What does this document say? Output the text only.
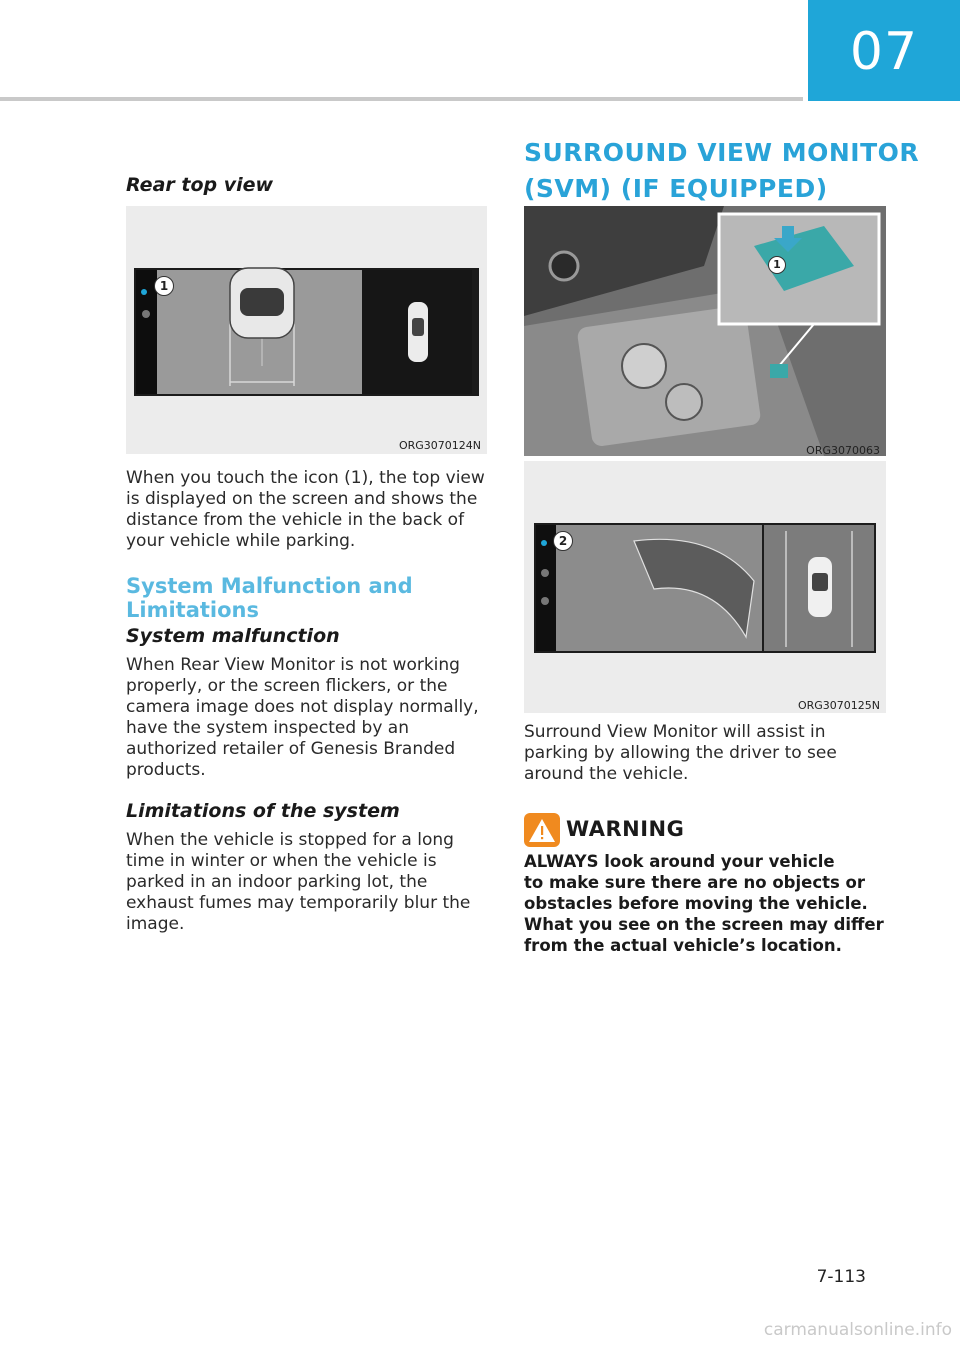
07
Rear top view
1
ORG3070124N
When you touch the icon (1), the top view
is displayed on the screen and shows the
distance from the vehicle in the back of
your vehicle while parking.
System Malfunction and
Limitations
System malfunction
When Rear View Monitor is not working
properly, or the screen flickers, or the
camera image does not display normally,
have the system inspected by an
authorized retailer of Genesis Branded
products.
Limitations of the system
When the vehicle is stopped for a long
time in winter or when the vehicle is
parked in an indoor parking lot, the
exhaust fumes may temporarily blur the
image.
SURROUND VIEW MONITOR
(SVM) (IF EQUIPPED)
1
ORG3070063
2
ORG3070125N
Surround View Monitor will assist in
parking by allowing the driver to see
around the vehicle.
WARNING
ALWAYS look around your vehicle
to make sure there are no objects or
obstacles before moving the vehicle.
What you see on the screen may differ
from the actual vehicle’s location.
7-113
carmanualsonline.info
